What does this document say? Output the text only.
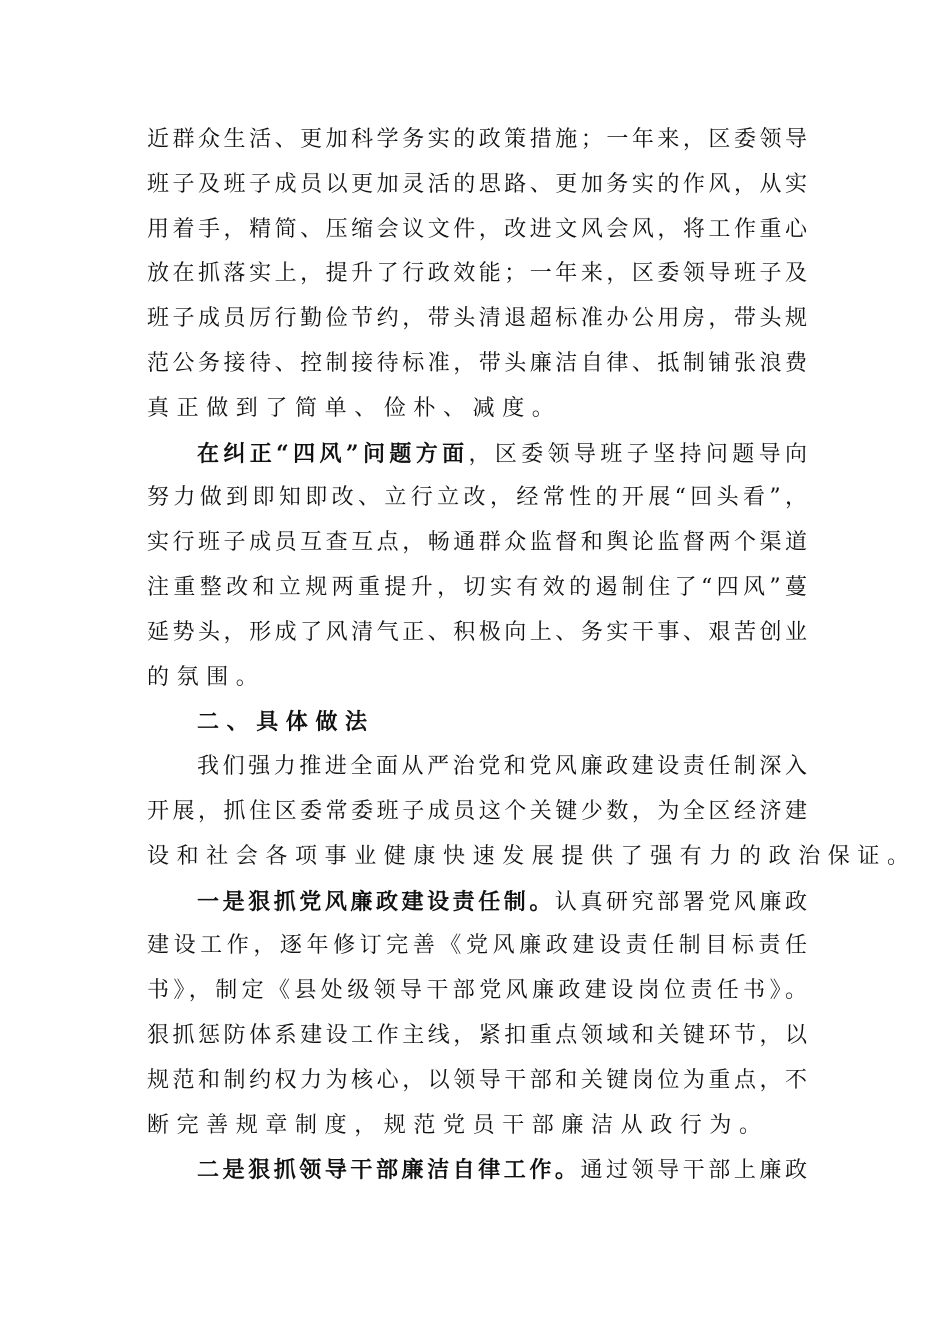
近群众生活、更加科学务实的政策措施；一年来，区委领导
班子及班子成员以更加灵活的思路、更加务实的作风，从实
用着手，精简、压缩会议文件，改进文风会风，将工作重心
放在抓落实上，提升了行政效能；一年来，区委领导班子及
班子成员厉行勤俭节约，带头清退超标准办公用房，带头规
范公务接待、控制接待标准，带头廉洁自律、抵制铺张浪费
真正做到了简单、俭朴、减度。
在纠正“四风”问题方面，区委领导班子坚持问题导向
努力做到即知即改、立行立改，经常性的开展“回头看”，
实行班子成员互查互点，畅通群众监督和舆论监督两个渠道
注重整改和立规两重提升，切实有效的遏制住了“四风”蔓
延势头，形成了风清气正、积极向上、务实干事、艰苦创业
的氛围。
二、具体做法
我们强力推进全面从严治党和党风廉政建设责任制深入
开展，抓住区委常委班子成员这个关键少数，为全区经济建
设和社会各项事业健康快速发展提供了强有力的政治保证。
一是狠抓党风廉政建设责任制。认真研究部署党风廉政
建设工作，逐年修订完善《党风廉政建设责任制目标责任
书》，制定《县处级领导干部党风廉政建设岗位责任书》。
狠抓惩防体系建设工作主线，紧扣重点领域和关键环节，以
规范和制约权力为核心，以领导干部和关键岗位为重点，不
断完善规章制度，规范党员干部廉洁从政行为。
二是狠抓领导干部廉洁自律工作。通过领导干部上廉政
